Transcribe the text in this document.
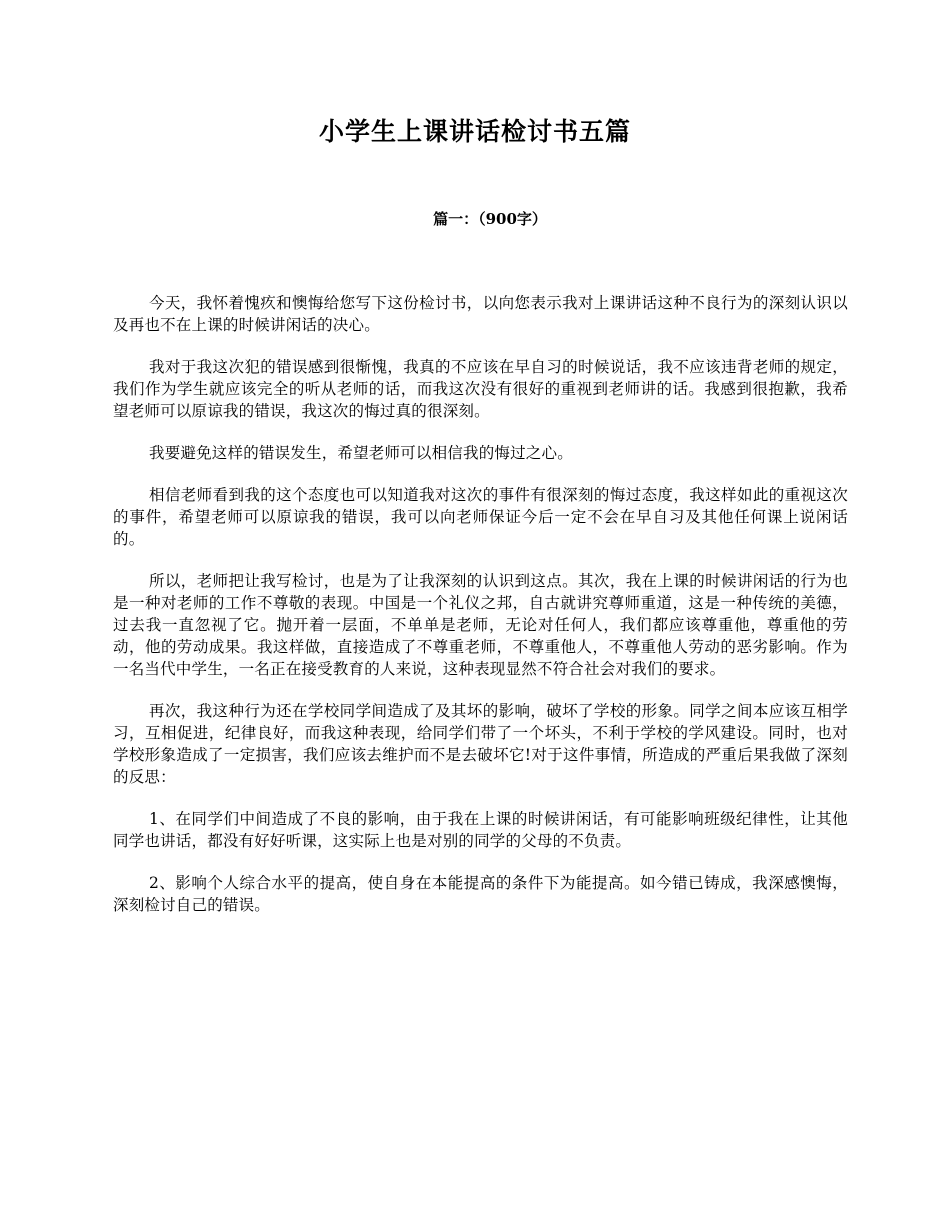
小学生上课讲话检讨书五篇
篇一：（900字）

今天，我怀着愧疚和懊悔给您写下这份检讨书，以向您表示我对上课讲话这种不良行为的深刻认识以及再也不在上课的时候讲闲话的决心。

我对于我这次犯的错误感到很惭愧，我真的不应该在早自习的时候说话，我不应该违背老师的规定，我们作为学生就应该完全的听从老师的话，而我这次没有很好的重视到老师讲的话。我感到很抱歉，我希望老师可以原谅我的错误，我这次的悔过真的很深刻。

我要避免这样的错误发生，希望老师可以相信我的悔过之心。

相信老师看到我的这个态度也可以知道我对这次的事件有很深刻的悔过态度，我这样如此的重视这次的事件，希望老师可以原谅我的错误，我可以向老师保证今后一定不会在早自习及其他任何课上说闲话的。

所以，老师把让我写检讨，也是为了让我深刻的认识到这点。其次，我在上课的时候讲闲话的行为也是一种对老师的工作不尊敬的表现。中国是一个礼仪之邦，自古就讲究尊师重道，这是一种传统的美德，过去我一直忽视了它。抛开着一层面，不单单是老师，无论对任何人，我们都应该尊重他，尊重他的劳动，他的劳动成果。我这样做，直接造成了不尊重老师，不尊重他人，不尊重他人劳动的恶劣影响。作为一名当代中学生，一名正在接受教育的人来说，这种表现显然不符合社会对我们的要求。

再次，我这种行为还在学校同学间造成了及其坏的影响，破坏了学校的形象。同学之间本应该互相学习，互相促进，纪律良好，而我这种表现，给同学们带了一个坏头，不利于学校的学风建设。同时，也对学校形象造成了一定损害，我们应该去维护而不是去破坏它!对于这件事情，所造成的严重后果我做了深刻的反思：

1、在同学们中间造成了不良的影响，由于我在上课的时候讲闲话，有可能影响班级纪律性，让其他同学也讲话，都没有好好听课，这实际上也是对别的同学的父母的不负责。

2、影响个人综合水平的提高，使自身在本能提高的条件下为能提高。如今错已铸成，我深感懊悔，深刻检讨自己的错误。
